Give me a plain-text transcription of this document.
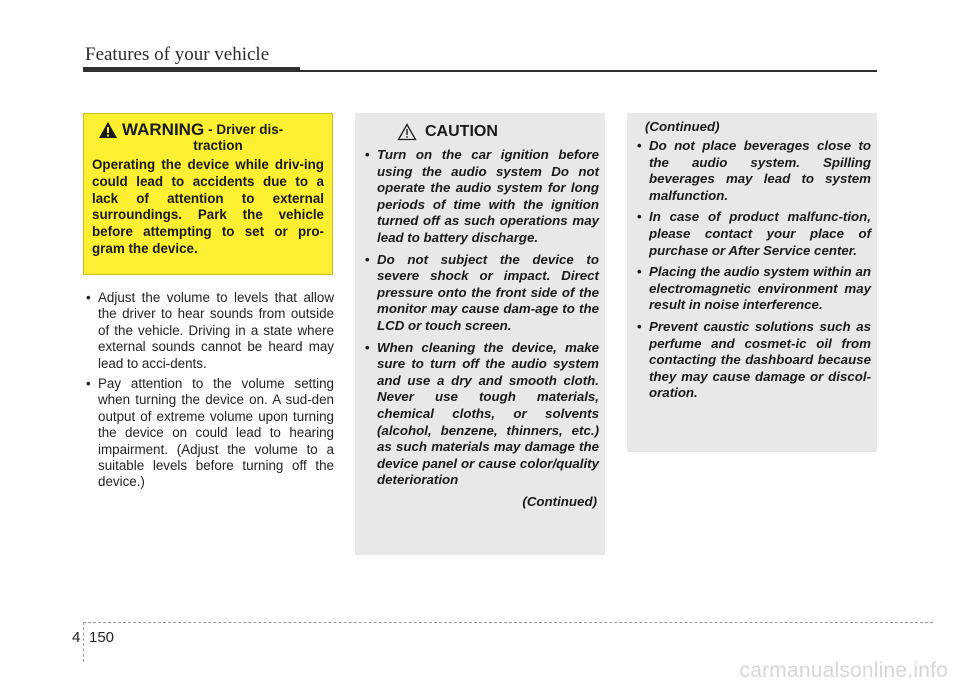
Features of your vehicle
WARNING - Driver dis-
traction
Operating the device while driv-ing could lead to accidents due to a lack of attention to external surroundings. Park the vehicle before attempting to set or pro-gram the device.
• Adjust the volume to levels that allow the driver to hear sounds from outside of the vehicle. Driving in a state where external sounds cannot be heard may lead to acci-dents.
• Pay attention to the volume setting when turning the device on. A sud-den output of extreme volume upon turning the device on could lead to hearing impairment. (Adjust the volume to a suitable levels before turning off the device.)
CAUTION
• Turn on the car ignition before using the audio system Do not operate the audio system for long periods of time with the ignition turned off as such operations may lead to battery discharge.
• Do not subject the device to severe shock or impact. Direct pressure onto the front side of the monitor may cause dam-age to the LCD or touch screen.
• When cleaning the device, make sure to turn off the audio system and use a dry and smooth cloth. Never use tough materials, chemical cloths, or solvents (alcohol, benzene, thinners, etc.) as such materials may damage the device panel or cause color/quality deterioration
(Continued)
(Continued)
• Do not place beverages close to the audio system. Spilling beverages may lead to system malfunction.
• In case of product malfunc-tion, please contact your place of purchase or After Service center.
• Placing the audio system within an electromagnetic environment may result in noise interference.
• Prevent caustic solutions such as perfume and cosmet-ic oil from contacting the dashboard because they may cause damage or discol-oration.
4 150
carmanualsonline.info
